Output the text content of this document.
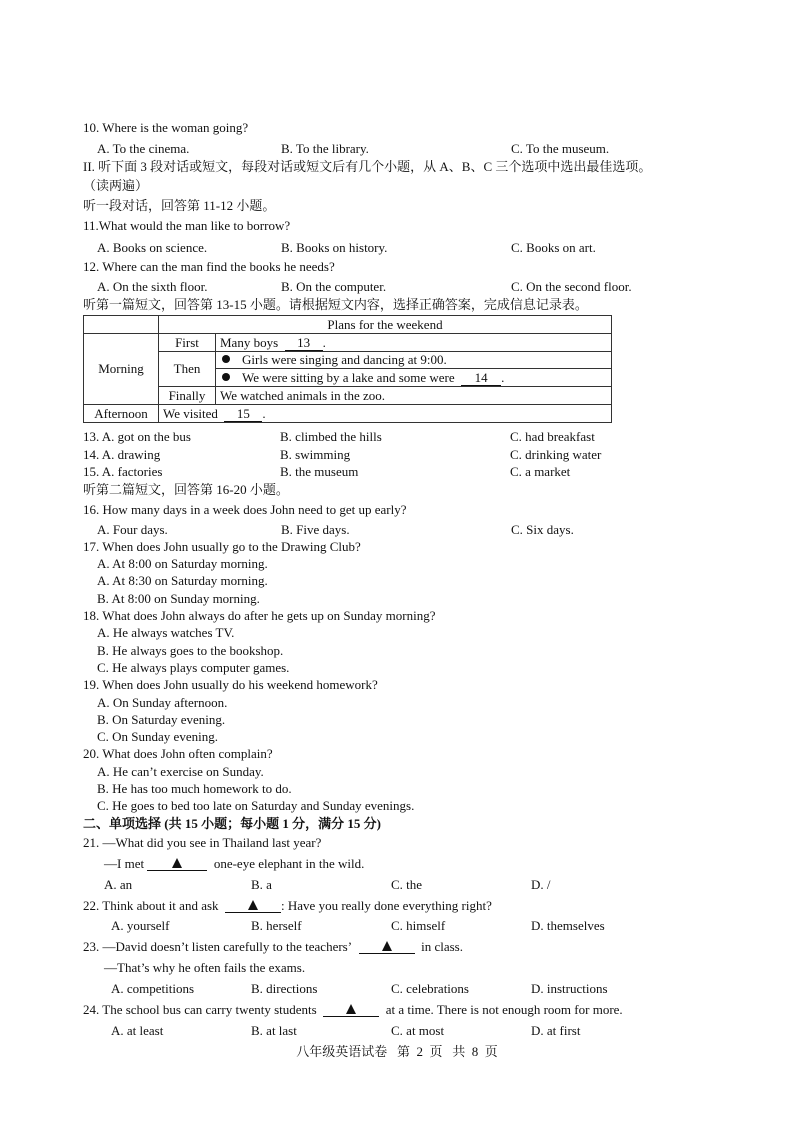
10. Where is the woman going?
A. To the cinema.	B. To the library.	C. To the museum.
II. 听下面 3 段对话或短文，每段对话或短文后有几个小题，从 A、B、C 三个选项中选出最佳选项。
（读两遍）
听一段对话，回答第 11-12 小题。
11.What would the man like to borrow?
A. Books on science.	B. Books on history.	C. Books on art.
12. Where can the man find the books he needs?
A. On the sixth floor.	B. On the computer.	C. On the second floor.
听第一篇短文，回答第 13-15 小题。请根据短文内容，选择正确答案，完成信息记录表。
	Plans for the weekend	
Morning	First	Many boys 13 .
	Then	Girls were singing and dancing at 9:00.
		We were sitting by a lake and some were 14 .
	Finally	We watched animals in the zoo.
Afternoon	We visited 15 .	
13. A. got on the bus	B. climbed the hills	C. had breakfast
14. A. drawing	B. swimming	C. drinking water
15. A. factories	B. the museum	C. a market
听第二篇短文，回答第 16-20 小题。
16. How many days in a week does John need to get up early?
A. Four days.	B. Five days.	C. Six days.
17. When does John usually go to the Drawing Club?
A. At 8:00 on Saturday morning.
A. At 8:30 on Saturday morning.
B. At 8:00 on Sunday morning.
18. What does John always do after he gets up on Sunday morning?
A. He always watches TV.
B. He always goes to the bookshop.
C. He always plays computer games.
19. When does John usually do his weekend homework?
A. On Sunday afternoon.
B. On Saturday evening.
C. On Sunday evening.
20. What does John often complain?
A. He can’t exercise on Sunday.
B. He has too much homework to do.
C. He goes to bed too late on Saturday and Sunday evenings.
二、单项选择 (共 15 小题；每小题 1 分，满分 15 分)
21. —What did you see in Thailand last year?
—I met	one-eye elephant in the wild.
A. an	B. a	C. the	D. /
22. Think about it and ask	: Have you really done everything right?
A. yourself	B. herself	C. himself	D. themselves
23. —David doesn’t listen carefully to the teachers’	in class.
—That’s why he often fails the exams.
A. competitions	B. directions	C. celebrations	D. instructions
24. The school bus can carry twenty students	at a time. There is not enough room for more.
A. at least	B. at last	C. at most	D. at first
八年级英语试卷   第  2  页   共  8  页
